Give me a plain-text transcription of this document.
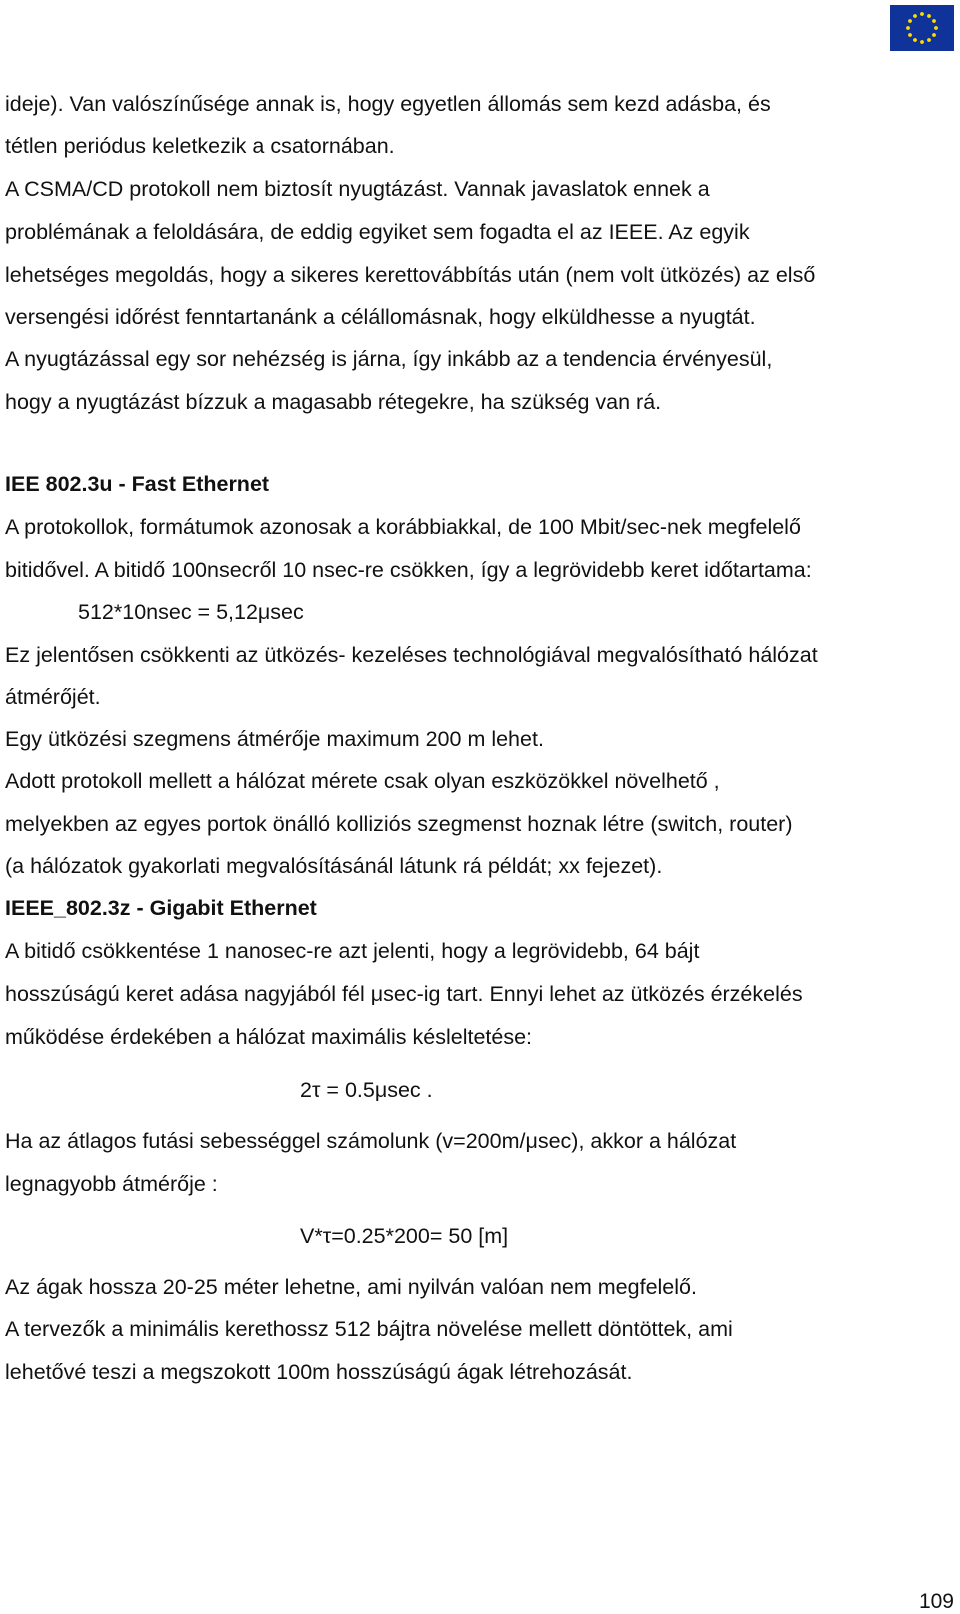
ideje). Van valószínűsége annak is, hogy egyetlen állomás sem kezd adásba, és
tétlen periódus keletkezik a csatornában.
A CSMA/CD protokoll nem biztosít nyugtázást. Vannak javaslatok ennek a
problémának a feloldására, de eddig egyiket sem fogadta el az IEEE. Az egyik
lehetséges megoldás, hogy a sikeres kerettovábbítás után (nem volt ütközés) az első
versengési időrést fenntartanánk a célállomásnak, hogy elküldhesse a nyugtát.
A nyugtázással egy sor nehézség is járna, így inkább az a tendencia érvényesül,
hogy a nyugtázást bízzuk a magasabb rétegekre, ha szükség van rá.
IEE 802.3u - Fast Ethernet
A protokollok, formátumok azonosak a korábbiakkal, de 100 Mbit/sec-nek megfelelő
bitidővel. A bitidő 100nsecről 10 nsec-re csökken, így a legrövidebb keret időtartama:
512*10nsec = 5,12μsec
Ez jelentősen csökkenti az ütközés- kezeléses technológiával megvalósítható hálózat
átmérőjét.
Egy ütközési szegmens átmérője maximum 200 m lehet.
Adott protokoll mellett a hálózat mérete csak olyan eszközökkel növelhető ,
melyekben az egyes portok önálló kolliziós szegmenst hoznak létre (switch, router)
(a hálózatok gyakorlati megvalósításánál látunk rá példát; xx fejezet).
IEEE_802.3z - Gigabit Ethernet
A bitidő csökkentése 1 nanosec-re azt jelenti, hogy a legrövidebb, 64 bájt
hosszúságú keret adása nagyjából fél μsec-ig tart. Ennyi lehet az ütközés érzékelés
működése érdekében a hálózat maximális késleltetése:
2τ = 0.5μsec .
Ha az átlagos futási sebességgel számolunk (v=200m/μsec), akkor a hálózat
legnagyobb átmérője :
V*τ=0.25*200= 50 [m]
Az ágak hossza 20-25 méter lehetne, ami nyilván valóan nem megfelelő.
A tervezők a minimális kerethossz 512 bájtra növelése mellett döntöttek, ami
lehetővé teszi a megszokott 100m hosszúságú ágak létrehozását.
109
